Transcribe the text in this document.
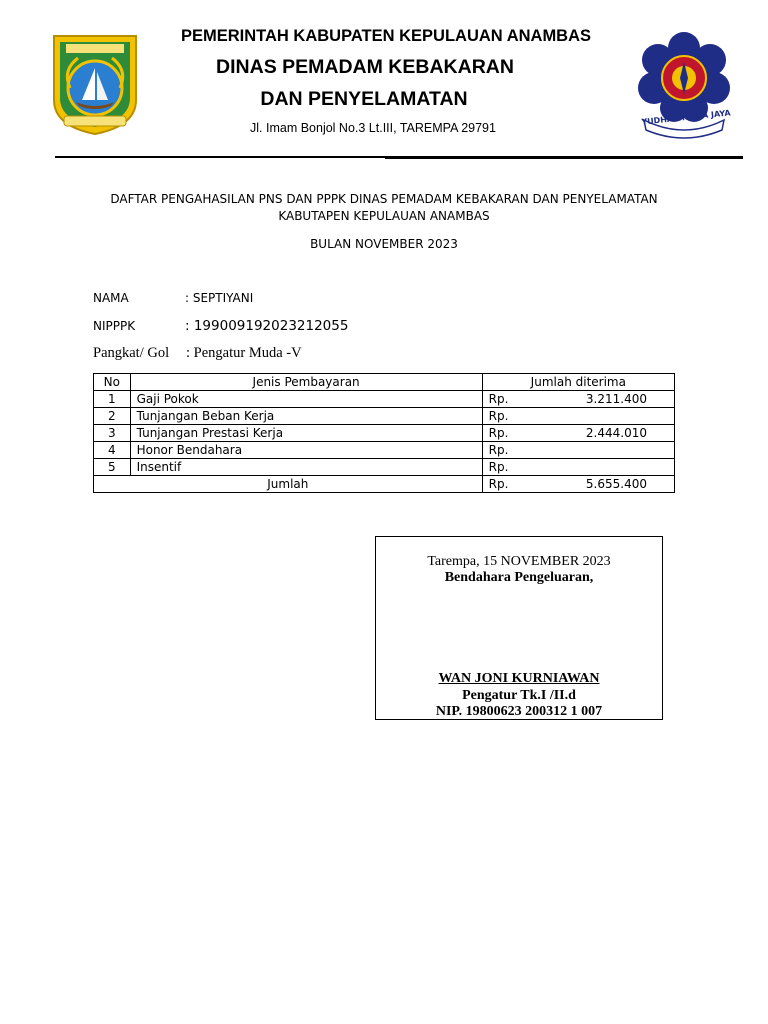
YUDHA BRAMA JAYA
PEMERINTAH KABUPATEN KEPULAUAN ANAMBAS
DINAS PEMADAM KEBAKARAN
DAN PENYELAMATAN
Jl. Imam Bonjol No.3 Lt.III, TAREMPA 29791
DAFTAR PENGAHASILAN PNS DAN PPPK DINAS PEMADAM KEBAKARAN DAN PENYELAMATAN
KABUTAPEN KEPULAUAN ANAMBAS
BULAN NOVEMBER 2023
NAMA	: SEPTIYANI
NIPPPK	: 199009192023212055
Pangkat/ Gol : Pengatur Muda -V
No	Jenis Pembayaran	Jumlah diterima
1	Gaji Pokok	Rp. 3.211.400

2	Tunjangan Beban Kerja	Rp.

3	Tunjangan Prestasi Kerja	Rp. 2.444.010

4	Honor Bendahara	Rp.

5	Insentif	Rp.

Jumlah		Rp. 5.655.400
Tarempa, 15 NOVEMBER 2023
Bendahara Pengeluaran,
WAN JONI KURNIAWAN
Pengatur Tk.I /II.d
NIP. 19800623 200312 1 007
